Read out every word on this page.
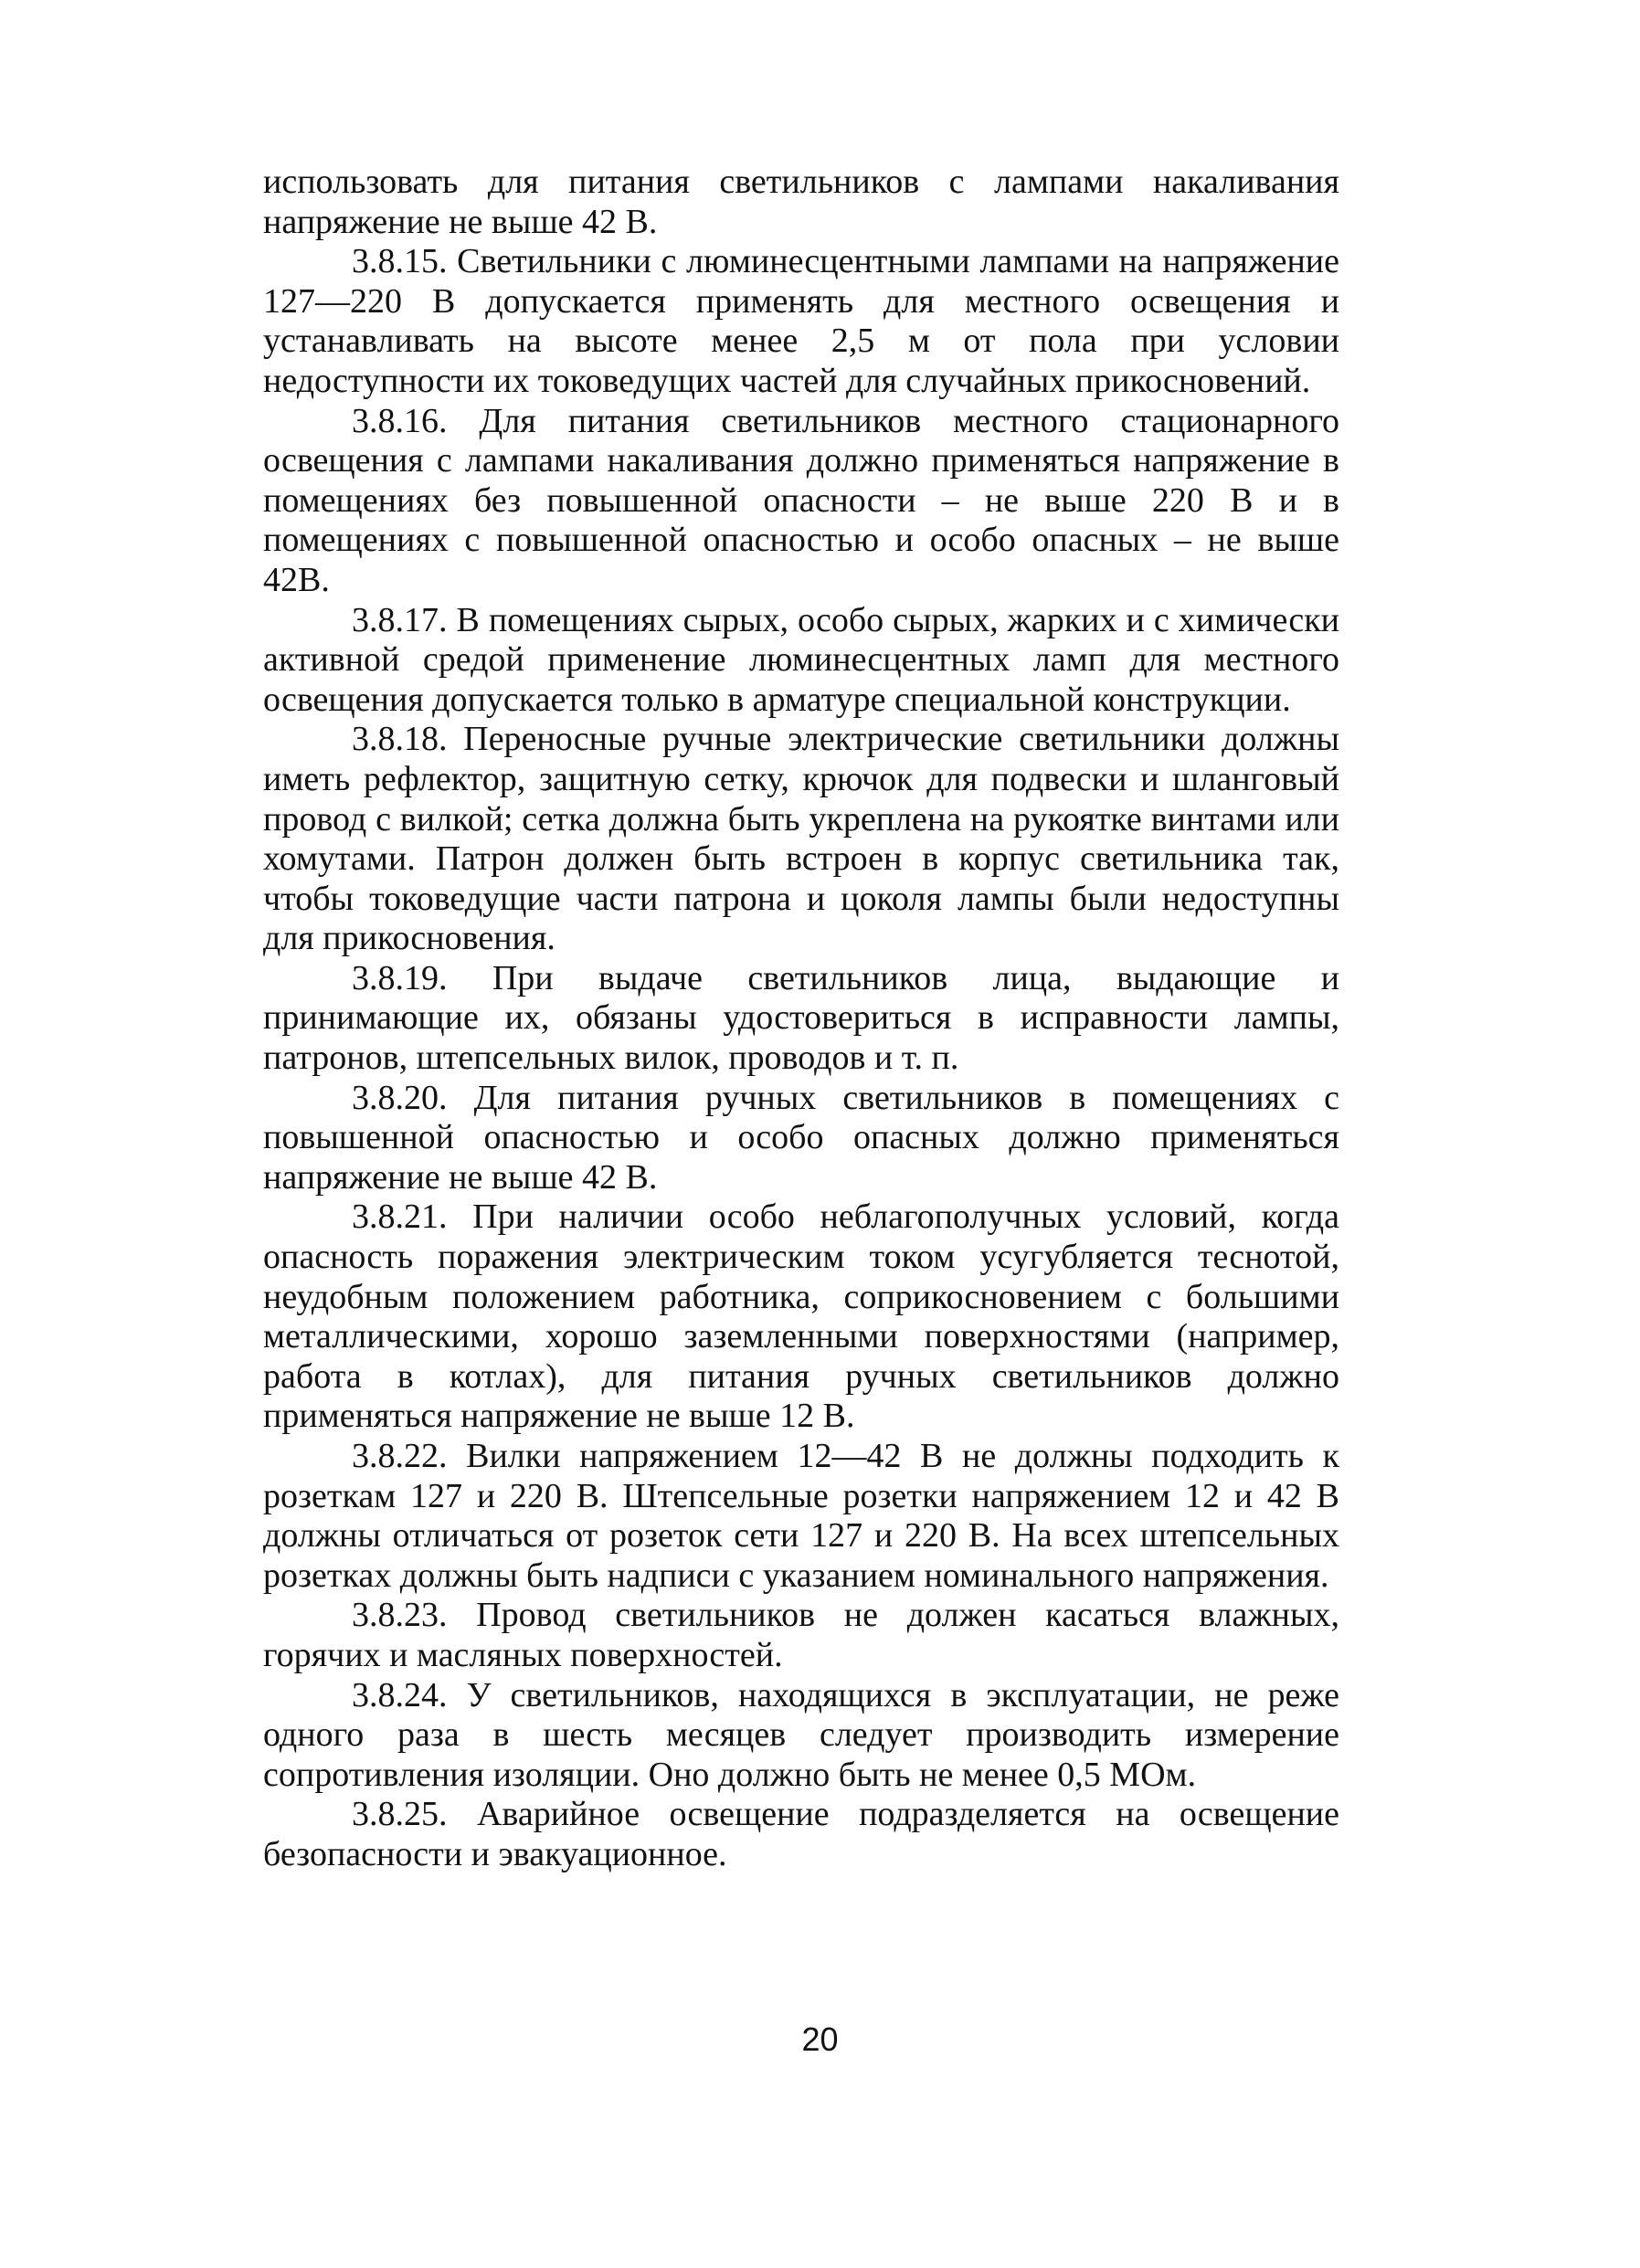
использовать для питания светильников с лампами накаливания напряжение не выше 42 В.

3.8.15. Светильники с люминесцентными лампами на напряжение 127—220 В допускается применять для местного освещения и устанавливать на высоте менее 2,5 м от пола при условии недоступности их токоведущих частей для случайных прикосновений.

3.8.16. Для питания светильников местного стационарного освещения с лампами накаливания должно применяться напряжение в помещениях без повышенной опасности – не выше 220 В и в помещениях с повышенной опасностью и особо опасных – не выше 42В.

3.8.17. В помещениях сырых, особо сырых, жарких и с химически активной средой применение люминесцентных ламп для местного освещения допускается только в арматуре специальной конструкции.

3.8.18. Переносные ручные электрические светильники должны иметь рефлектор, защитную сетку, крючок для подвески и шланговый провод с вилкой; сетка должна быть укреплена на рукоятке винтами или хомутами. Патрон должен быть встроен в корпус светильника так, чтобы токоведущие части патрона и цоколя лампы были недоступны для прикосновения.

3.8.19. При выдаче светильников лица, выдающие и принимающие их, обязаны удостовериться в исправности лампы, патронов, штепсельных вилок, проводов и т. п.

3.8.20. Для питания ручных светильников в помещениях с повышенной опасностью и особо опасных должно применяться напряжение не выше 42 В.

3.8.21. При наличии особо неблагополучных условий, когда опасность поражения электрическим током усугубляется теснотой, неудобным положением работника, соприкосновением с большими металлическими, хорошо заземленными поверхностями (например, работа в котлах), для питания ручных светильников должно применяться напряжение не выше 12 В.

3.8.22. Вилки напряжением 12—42 В не должны подходить к розеткам 127 и 220 В. Штепсельные розетки напряжением 12 и 42 В должны отличаться от розеток сети 127 и 220 В. На всех штепсельных розетках должны быть надписи с указанием номинального напряжения.

3.8.23. Провод светильников не должен касаться влажных, горячих и масляных поверхностей.

3.8.24. У светильников, находящихся в эксплуатации, не реже одного раза в шесть месяцев следует производить измерение сопротивления изоляции. Оно должно быть не менее 0,5 МОм.

3.8.25. Аварийное освещение подразделяется на освещение безопасности и эвакуационное.

20
